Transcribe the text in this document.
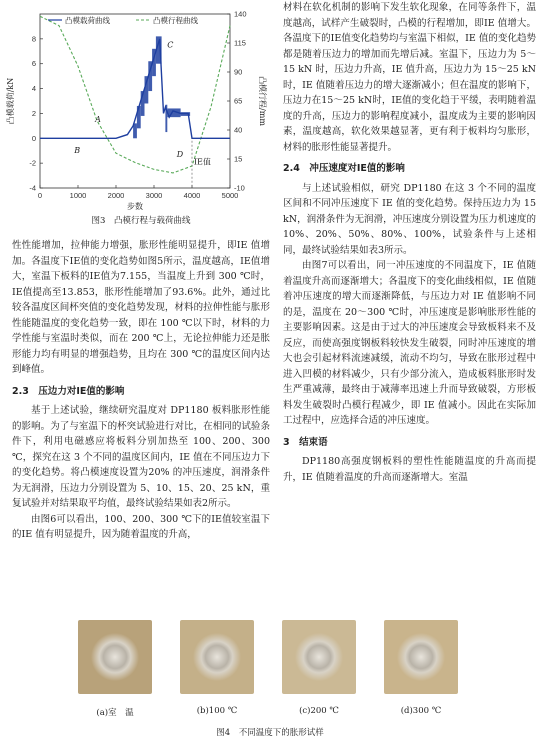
0	1000	2000	3000	4000	5000
-4
-2
0
2
4
6
8
-10
15
40
65
90
115
140
步数
凸模载荷/kN	凸模行程/mm
A
B
C
D
IE值
凸模载荷曲线	凸模行程曲线
图3　凸模行程与载荷曲线

性性能增加，拉伸能力增强，胀形性能明显提升，即IE 值增加。各温度下IE值的变化趋势如图5所示，温度越高，IE值增大，室温下板料的IE值为7.155，当温度上升到 300 ℃时，IE值提高至13.853，胀形性能增加了93.6%。此外，通过比较各温度区间杯突值的变化趋势发现，材料的拉伸性能与胀形性能随温度的变化趋势一致，即在 100 ℃以下时，材料的力学性能与室温时类似，而在 200 ℃上，无论拉伸能力还是胀形能力均有明显的增强趋势，且均在 300 ℃的温度区间内达到峰值。

2.3　压边力对IE值的影响

基于上述试验，继续研究温度对 DP1180 板料胀形性能的影响。为了与室温下的杯突试验进行对比，在相同的试验条件下，利用电磁感应将板料分别加热至 100、200、300 ℃，探究在这 3 个不同的温度区间内，IE 值在不同压边力下的变化趋势。将凸模速度设置为20% 的冲压速度，润滑条件为无润滑，压边力分别设置为 5、10、15、20、25 kN，重复试验并对结果取平均值，最终试验结果如表2所示。

由图6可以看出，100、200、300 ℃下的IE值较室温下的IE 值有明显提升，因为随着温度的升高，

材料在软化机制的影响下发生软化现象，在同等条件下，温度越高，试样产生破裂时，凸模的行程增加，即IE 值增大。各温度下的IE值变化趋势均与室温下相似，IE 值的变化趋势都是随着压边力的增加而先增后减。室温下，压边力为 5～15 kN 时，压边力升高，IE 值升高，压边力为 15～25 kN 时，IE 值随着压边力的增大逐渐减小；但在温度的影响下，压边力在15～25 kN时，IE值的变化趋于平缓，表明随着温度的升高，压边力的影响程度减小，温度成为主要的影响因素，温度越高，软化效果越显著，更有利于板料均匀胀形，材料的胀形性能显著提升。

2.4　冲压速度对IE值的影响

与上述试验相似，研究 DP1180 在这 3 个不同的温度区间和不同冲压速度下 IE 值的变化趋势。保持压边力为 15 kN，润滑条件为无润滑，冲压速度分别设置为压力机速度的 10%、20%、50%、80%、100%，试验条件与上述相同，最终试验结果如表3所示。

由图7可以看出，同一冲压速度的不同温度下，IE 值随着温度升高而逐渐增大；各温度下的变化曲线相似，IE 值随着冲压速度的增大而逐渐降低，与压边力对 IE 值影响不同的是，温度在 20～300 ℃时，冲压速度是影响胀形性能的主要影响因素。这是由于过大的冲压速度会导致板料来不及反应，而使高强度钢板料较快发生破裂，同时冲压速度的增大也会引起材料流速减缓，流动不均匀，导致在胀形过程中进入凹模的材料减少，只有少部分流入，造成板料胀形时发生严重减薄，最终由于减薄率迅速上升而导致破裂，方形板料发生破裂时凸模行程减少，即 IE 值减小。因此在实际加工过程中，应选择合适的冲压速度。

3　结束语

DP1180高强度钢板料的塑性性能随温度的升高而提升，IE 值随着温度的升高而逐渐增大。室温

(a)室　温	(b)100 ℃	(c)200 ℃	(d)300 ℃
图4　不同温度下的胀形试样
